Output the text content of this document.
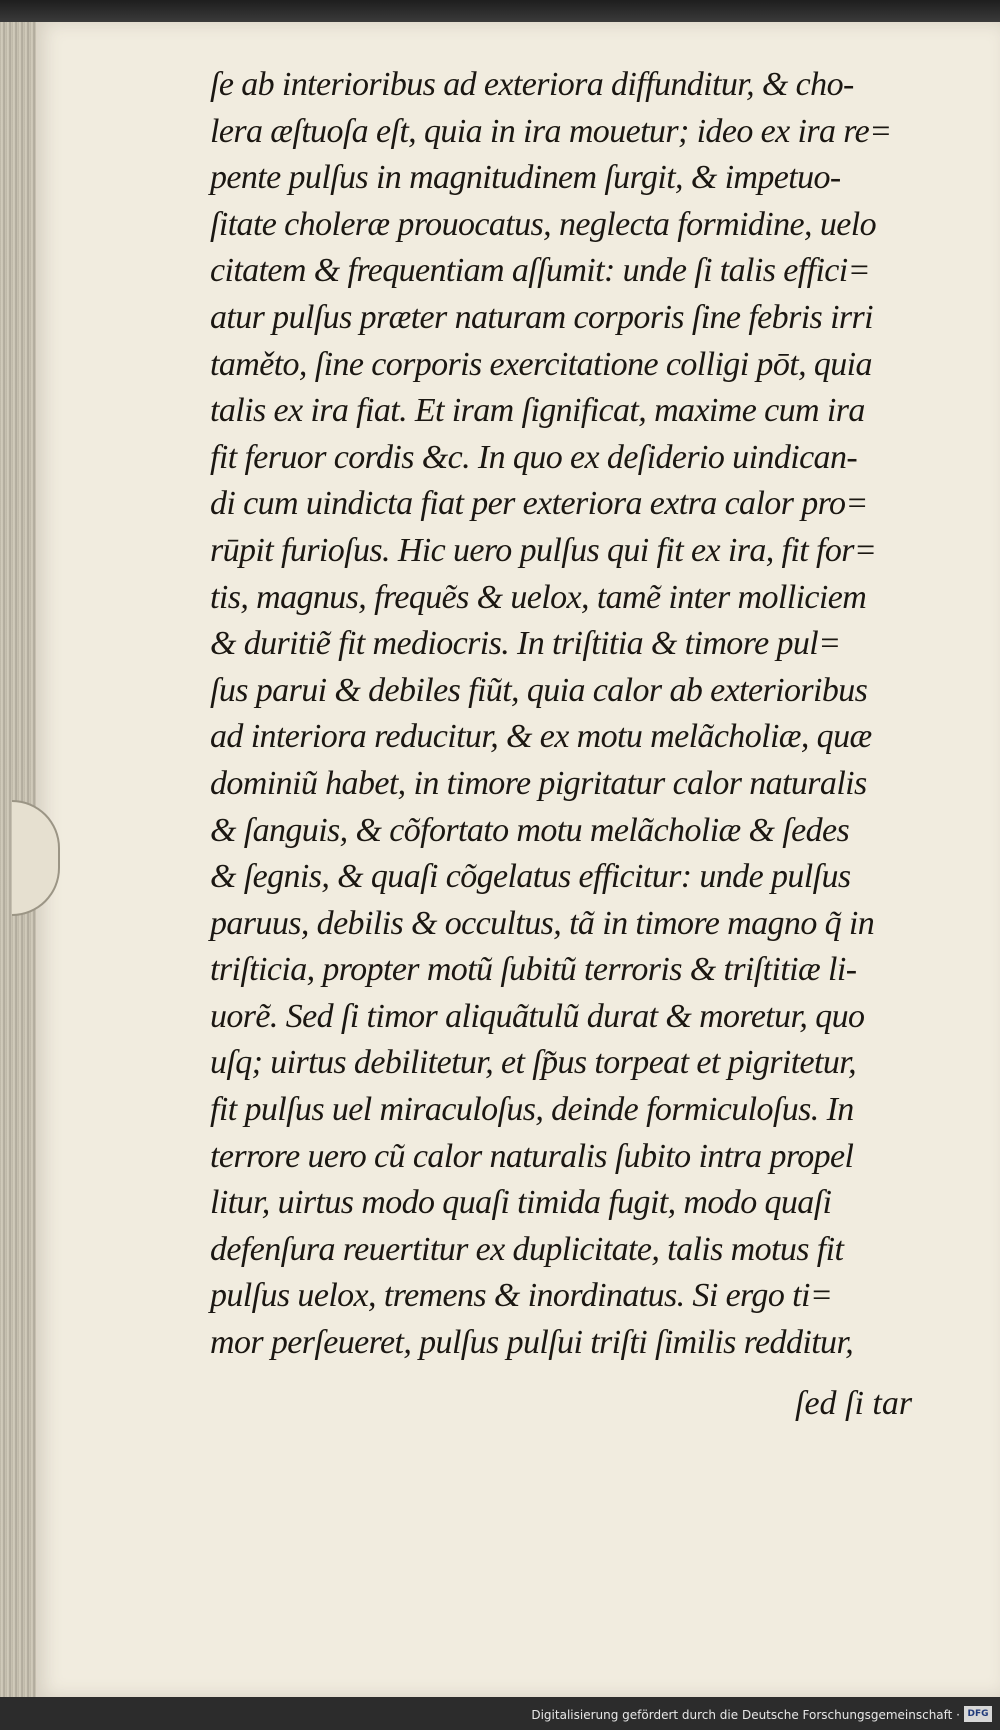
ſe ab interioribus ad exteriora diffunditur, & cho-
lera æſtuoſa eſt, quia in ira mouetur; ideo ex ira re=
pente pulſus in magnitudinem ſurgit, & impetuo-
ſitate choleræ prouocatus, neglecta formidine, uelo
citatem & frequentiam aſſumit: unde ſi talis effici=
atur pulſus præter naturam corporis ſine febris irri
taměto, ſine corporis exercitatione colligi pōt, quia
talis ex ira fiat. Et iram ſignificat, maxime cum ira
fit feruor cordis &c. In quo ex deſiderio uindican-
di cum uindicta fiat per exteriora extra calor pro=
rūpit furioſus. Hic uero pulſus qui fit ex ira, fit for=
tis, magnus, frequẽs & uelox, tamẽ inter molliciem
& duritiẽ fit mediocris. In triſtitia & timore pul=
ſus parui & debiles fiũt, quia calor ab exterioribus
ad interiora reducitur, & ex motu melãcholiæ, quæ
dominiũ habet, in timore pigritatur calor naturalis
& ſanguis, & cõfortato motu melãcholiæ & ſedes
& ſegnis, & quaſi cõgelatus efficitur: unde pulſus
paruus, debilis & occultus, tã in timore magno q̃ in
triſticia, propter motũ ſubitũ terroris & triſtitiæ li-
uorẽ. Sed ſi timor aliquãtulũ durat & moretur, quo
uſq; uirtus debilitetur, et ſp̃us torpeat et pigritetur,
fit pulſus uel miraculoſus, deinde formiculoſus. In
terrore uero cũ calor naturalis ſubito intra propel
litur, uirtus modo quaſi timida fugit, modo quaſi
defenſura reuertitur ex duplicitate, talis motus fit
pulſus uelox, tremens & inordinatus. Si ergo ti=
mor perſeueret, pulſus pulſui triſti ſimilis redditur,
ſed ſi tar
Digitalisierung gefördert durch die Deutsche Forschungsgemeinschaft · DFG
